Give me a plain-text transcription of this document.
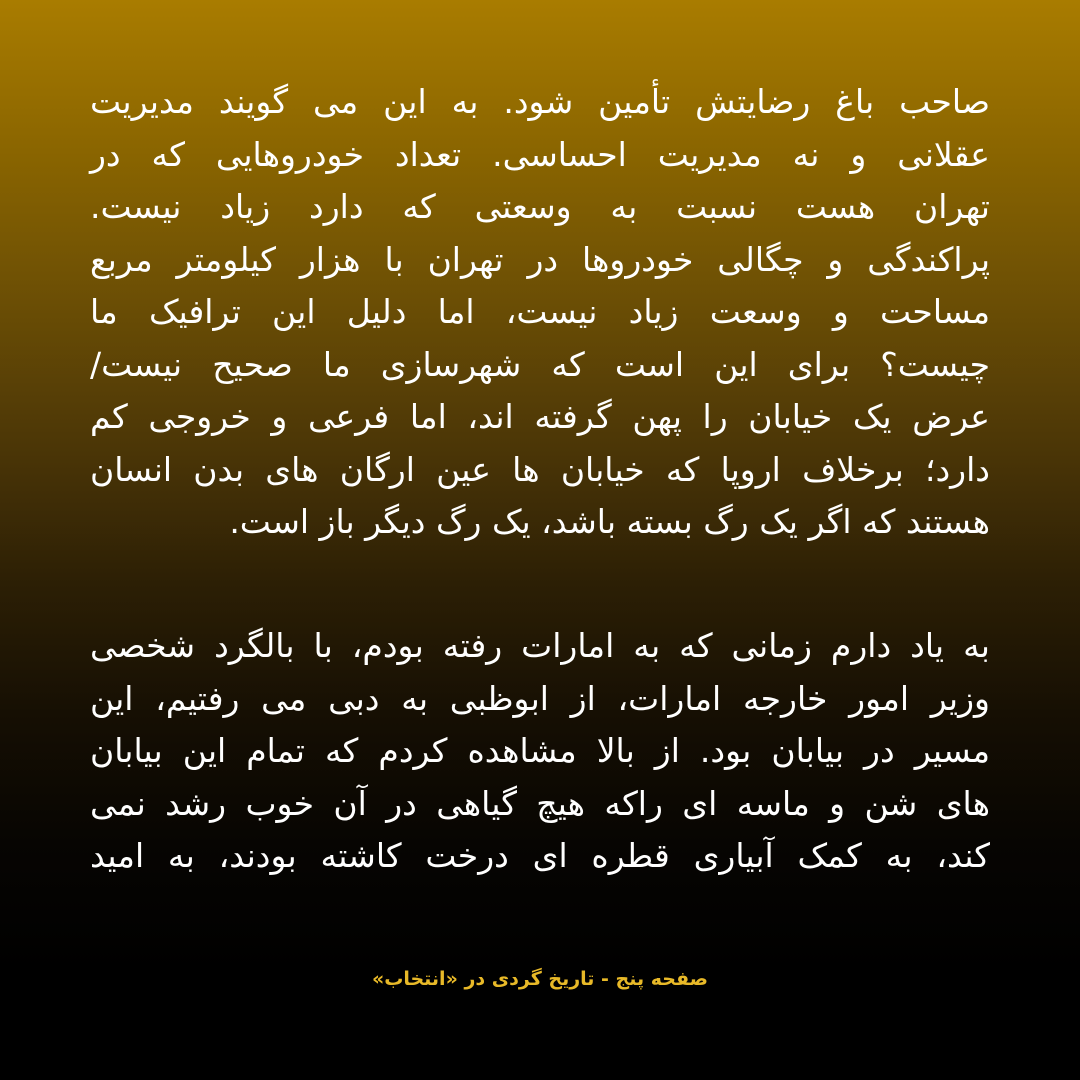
صاحب باغ رضایتش تأمین شود. به این می گویند مدیریت
عقلانی و نه مدیریت احساسی. تعداد خودروهایی که در
تهران هست نسبت به وسعتی که دارد زیاد نیست.
پراکندگی و چگالی خودروها در تهران با هزار کیلومتر مربع
مساحت و وسعت زیاد نیست، اما دلیل این ترافیک ما
چیست؟ برای این است که شهرسازی ما صحیح نیست/
عرض یک خیابان را پهن گرفته اند، اما فرعی و خروجی کم
دارد؛ برخلاف اروپا که خیابان ها عین ارگان های بدن انسان
هستند که اگر یک رگ بسته باشد، یک رگ دیگر باز است.
به یاد دارم زمانی که به امارات رفته بودم، با بالگرد شخصی
وزیر امور خارجه امارات، از ابوظبی به دبی می رفتیم، این
مسیر در بیابان بود. از بالا مشاهده کردم که تمام این بیابان
های شن و ماسه ای راکه هیچ گیاهی در آن خوب رشد نمی
کند، به کمک آبیاری قطره ای درخت کاشته بودند، به امید
صفحه پنج - تاریخ گردی در «انتخاب»
